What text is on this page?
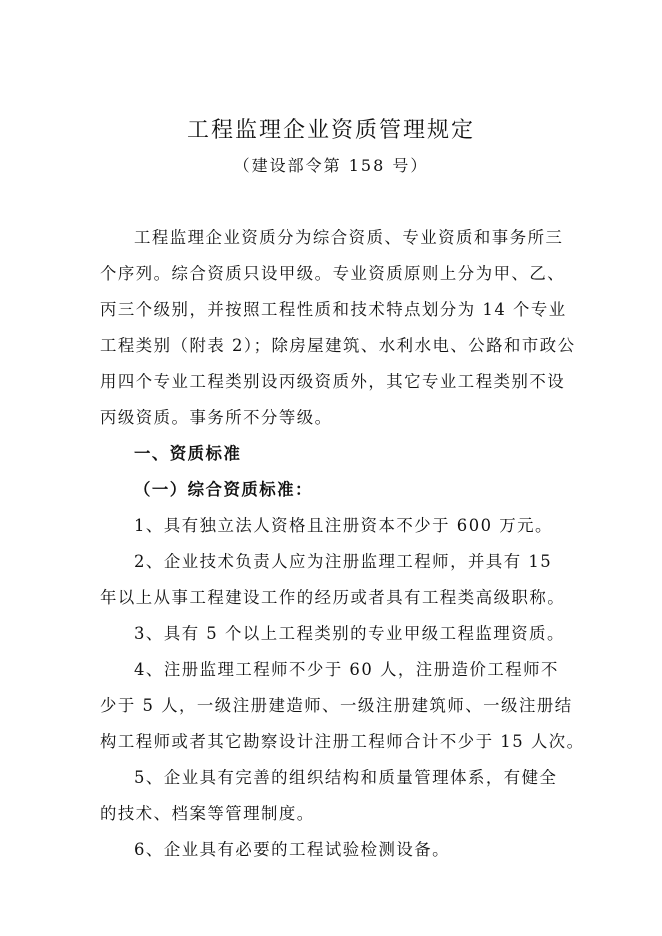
工程监理企业资质管理规定
（建设部令第 158 号）
工程监理企业资质分为综合资质、专业资质和事务所三
个序列。综合资质只设甲级。专业资质原则上分为甲、乙、
丙三个级别，并按照工程性质和技术特点划分为 14 个专业
工程类别（附表 2）；除房屋建筑、水利水电、公路和市政公
用四个专业工程类别设丙级资质外，其它专业工程类别不设
丙级资质。事务所不分等级。
一、资质标准
（一）综合资质标准：
1、具有独立法人资格且注册资本不少于 600 万元。
2、企业技术负责人应为注册监理工程师，并具有 15
年以上从事工程建设工作的经历或者具有工程类高级职称。
3、具有 5 个以上工程类别的专业甲级工程监理资质。
4、注册监理工程师不少于 60 人，注册造价工程师不
少于 5 人，一级注册建造师、一级注册建筑师、一级注册结
构工程师或者其它勘察设计注册工程师合计不少于 15 人次。
5、企业具有完善的组织结构和质量管理体系，有健全
的技术、档案等管理制度。
6、企业具有必要的工程试验检测设备。
